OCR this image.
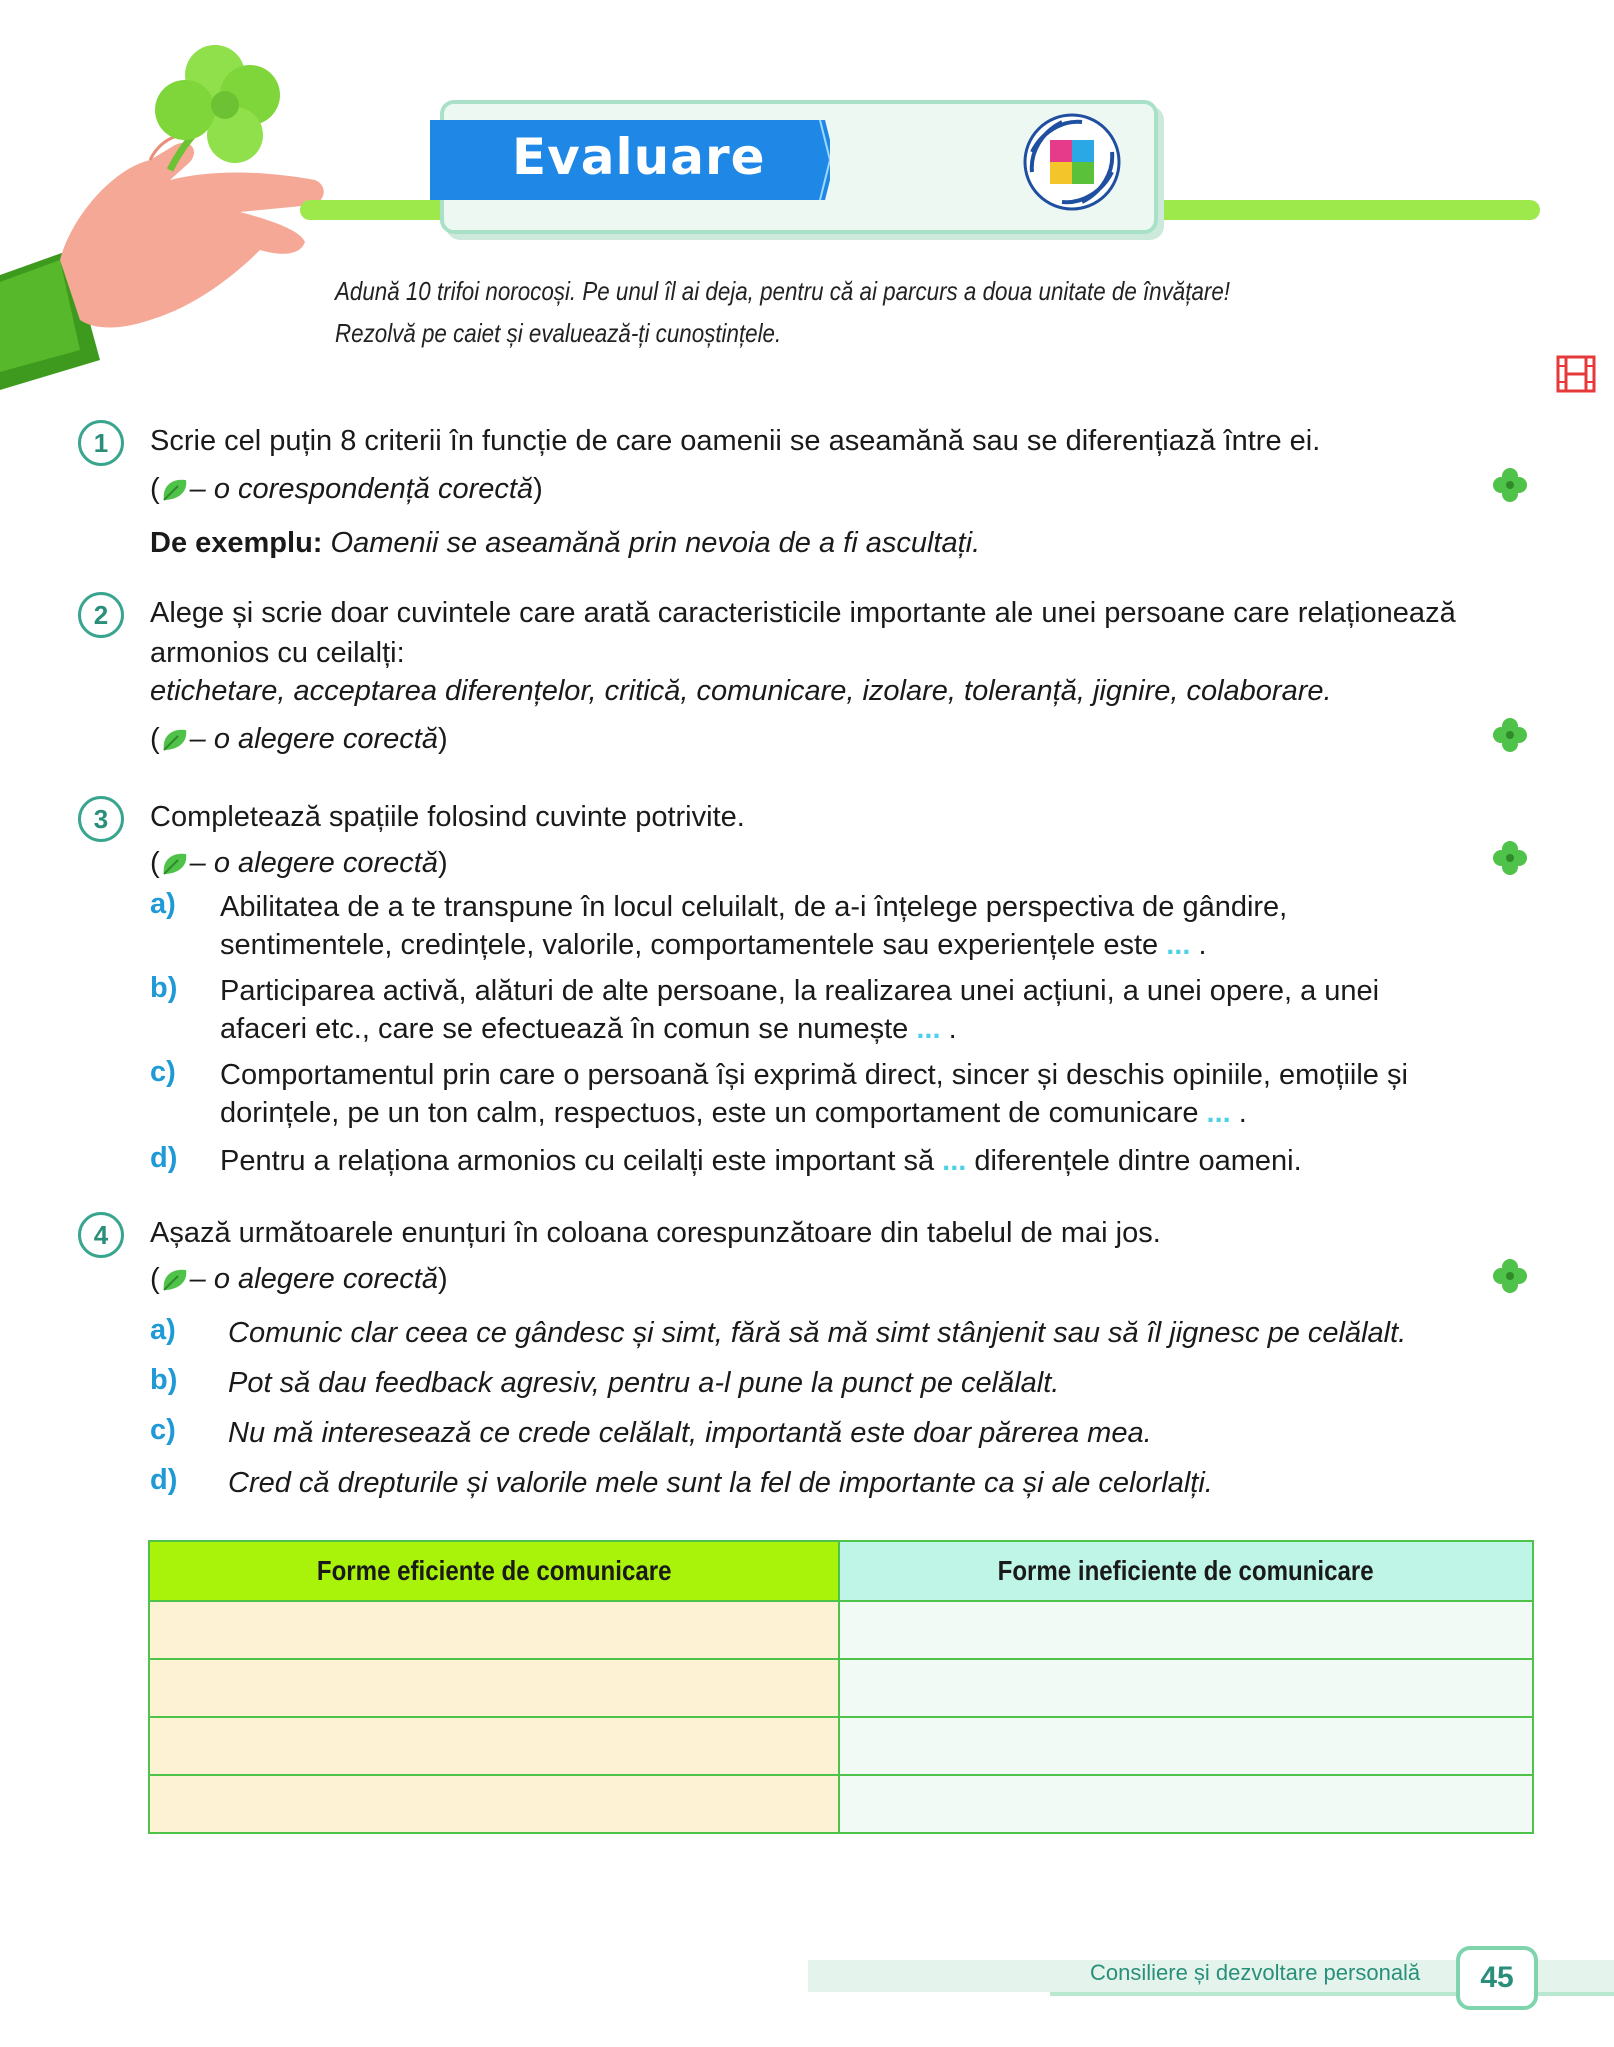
Evaluare
Adună 10 trifoi norocoși. Pe unul îl ai deja, pentru că ai parcurs a doua unitate de învățare!
Rezolvă pe caiet și evaluează-ți cunoștințele.
1	Scrie cel puțin 8 criterii în funcție de care oamenii se aseamănă sau se diferențiază între ei.
( – o corespondență corectă)
De exemplu: Oamenii se aseamănă prin nevoia de a fi ascultați.
2	Alege și scrie doar cuvintele care arată caracteristicile importante ale unei persoane care relaționează
armonios cu ceilalți:
etichetare, acceptarea diferențelor, critică, comunicare, izolare, toleranță, jignire, colaborare.
( – o alegere corectă)
3	Completează spațiile folosind cuvinte potrivite.
( – o alegere corectă)
a) Abilitatea de a te transpune în locul celuilalt, de a-i înțelege perspectiva de gândire,
sentimentele, credințele, valorile, comportamentele sau experiențele este ... .
b) Participarea activă, alături de alte persoane, la realizarea unei acțiuni, a unei opere, a unei
afaceri etc., care se efectuează în comun se numește ... .
c) Comportamentul prin care o persoană își exprimă direct, sincer și deschis opiniile, emoțiile și
dorințele, pe un ton calm, respectuos, este un comportament de comunicare ... .
d) Pentru a relaționa armonios cu ceilalți este important să ... diferențele dintre oameni.
4	Așază următoarele enunțuri în coloana corespunzătoare din tabelul de mai jos.
( – o alegere corectă)
a) Comunic clar ceea ce gândesc și simt, fără să mă simt stânjenit sau să îl jignesc pe celălalt.
b) Pot să dau feedback agresiv, pentru a-l pune la punct pe celălalt.
c) Nu mă interesează ce crede celălalt, importantă este doar părerea mea.
d) Cred că drepturile și valorile mele sunt la fel de importante ca și ale celorlalți.
Forme eficiente de comunicare	Forme ineficiente de comunicare

Consiliere și dezvoltare personală	45
